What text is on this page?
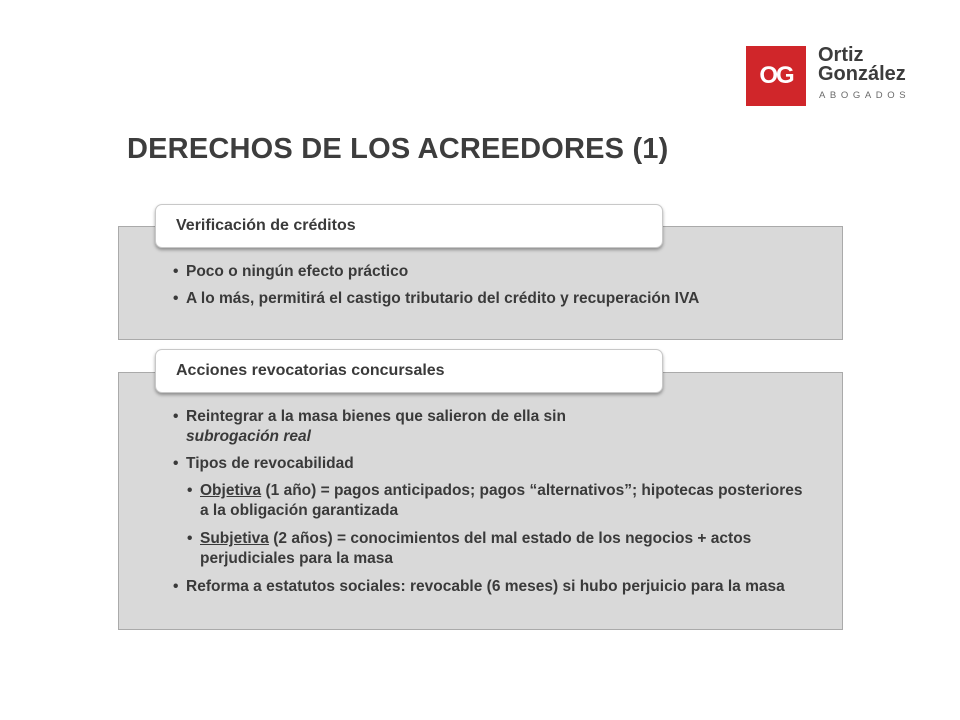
OG
Ortiz
González
ABOGADOS
DERECHOS DE LOS ACREEDORES (1)
Verificación de créditos
• Poco o ningún efecto práctico
• A lo más, permitirá el castigo tributario del crédito y recuperación IVA
Acciones revocatorias concursales
• Reintegrar a la masa bienes que salieron de ella sin
subrogación real
• Tipos de revocabilidad
• Objetiva (1 año) = pagos anticipados; pagos “alternativos”; hipotecas posteriores a la obligación garantizada
• Subjetiva (2 años) = conocimientos del mal estado de los negocios + actos perjudiciales para la masa
• Reforma a estatutos sociales: revocable (6 meses) si hubo perjuicio para la masa
